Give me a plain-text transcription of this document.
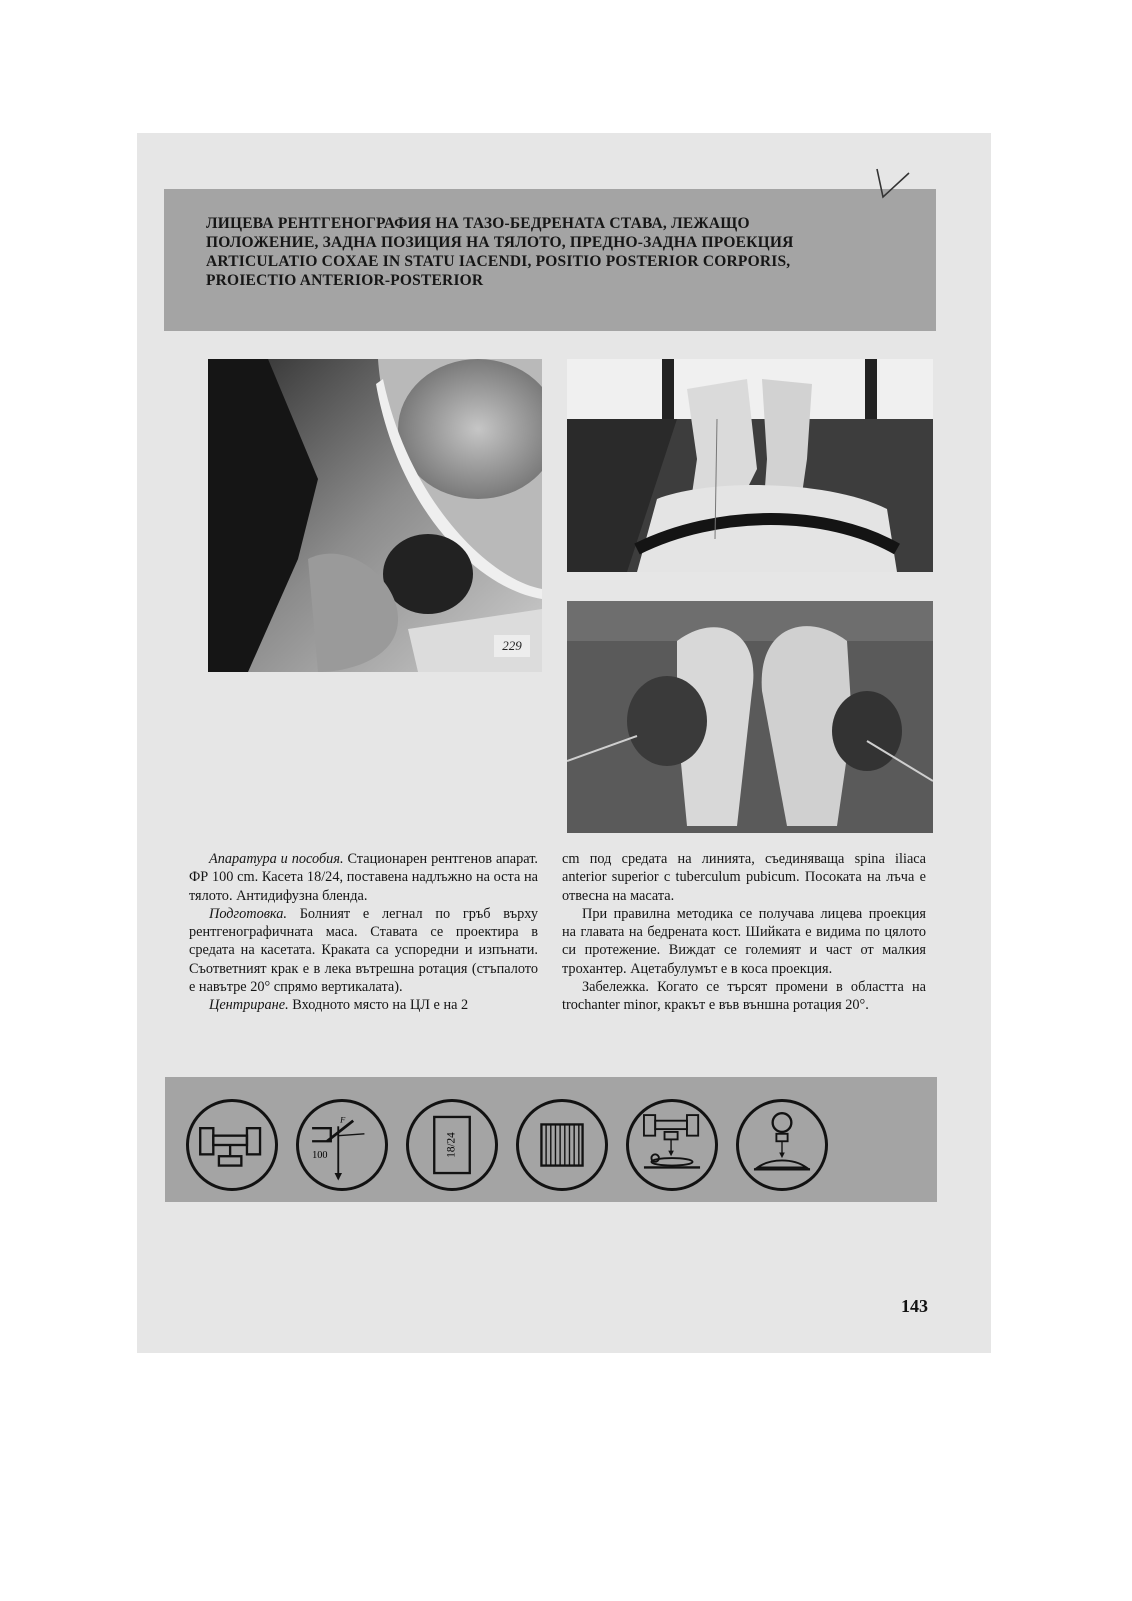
ЛИЦЕВА РЕНТГЕНОГРАФИЯ НА ТАЗО-БЕДРЕНАТА СТАВА, ЛЕЖАЩО
ПОЛОЖЕНИЕ, ЗАДНА ПОЗИЦИЯ НА ТЯЛОТО, ПРЕДНО-ЗАДНА ПРОЕКЦИЯ
ARTICULATIO COXAE IN STATU IACENDI, POSITIO POSTERIOR CORPORIS,
PROIECTIO ANTERIOR-POSTERIOR
229

Апаратура и пособия. Стационарен рентгенов апарат. ФР 100 cm. Касета 18/24, поставена надлъжно на оста на тялото. Антидифузна бленда.

Подготовка. Болният е легнал по гръб върху рентгенографичната маса. Ставата се проектира в средата на касетата. Краката са успоредни и изпънати. Съответният крак е в лека вътрешна ротация (стъпалото е навътре 20° спрямо вертикалата).

Центриране. Входното място на ЦЛ е на 2

cm под средата на линията, съединяваща spina iliaca anterior superior с tuberculum pubicum. Посоката на лъча е отвесна на масата.

При правилна методика се получава лицева проекция на главата на бедрената кост. Шийката е видима по цялото си протежение. Виждат се големият и част от малкия трохантер. Ацетабулумът е в коса проекция.

Забележка. Когато се търсят промени в областта на trochanter minor, кракът е във външна ротация 20°.

F
100	18/24
143
